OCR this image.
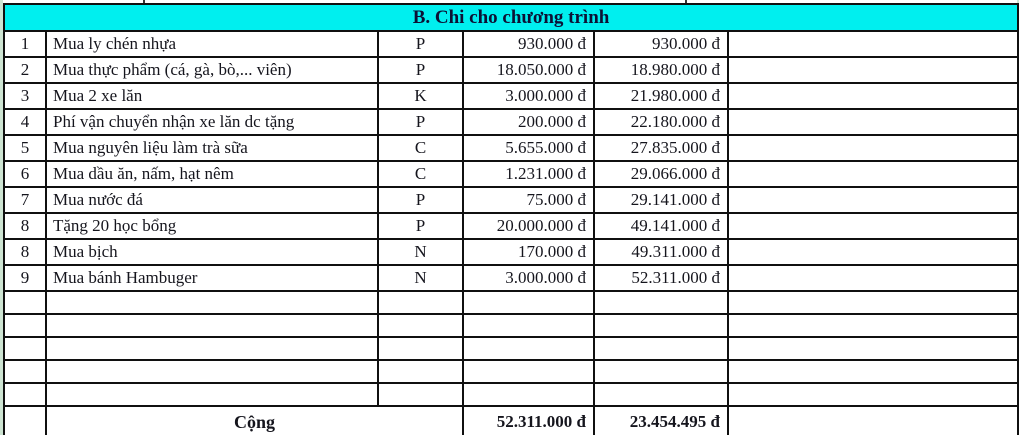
B. Chi cho chương trình					
1	Mua ly chén nhựa	P	930.000 đ	930.000 đ	
2	Mua thực phẩm (cá, gà, bò,... viên)	P	18.050.000 đ	18.980.000 đ	
3	Mua 2 xe lăn	K	3.000.000 đ	21.980.000 đ	
4	Phí vận chuyển nhận xe lăn dc tặng	P	200.000 đ	22.180.000 đ	
5	Mua nguyên liệu làm trà sữa	C	5.655.000 đ	27.835.000 đ	
6	Mua dầu ăn, nấm, hạt nêm	C	1.231.000 đ	29.066.000 đ	
7	Mua nước đá	P	75.000 đ	29.141.000 đ	
8	Tặng 20 học bổng	P	20.000.000 đ	49.141.000 đ	
8	Mua bịch	N	170.000 đ	49.311.000 đ	
9	Mua bánh Hambuger	N	3.000.000 đ	52.311.000 đ	

	Cộng		52.311.000 đ	23.454.495 đ	
